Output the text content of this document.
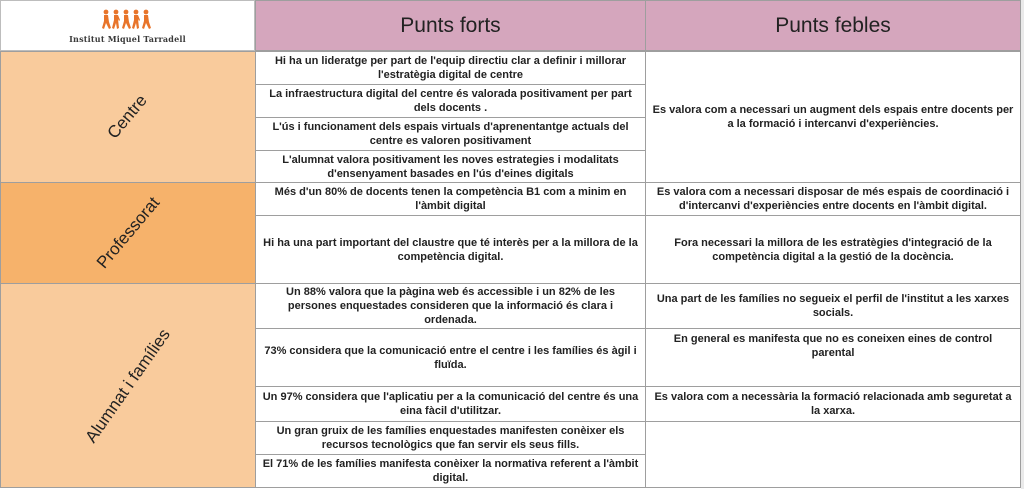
Institut Miquel Tarradell
Punts forts	Punts febles
Centre
Professorat
Alumnat i famílies
Hi ha un lideratge per part de l'equip directiu clar a definir i millorar l'estratègia digital de centre
La infraestructura digital del centre és valorada positivament per part dels docents .
L'ús i funcionament dels espais virtuals d'aprenentantge actuals del centre es valoren positivament
L'alumnat valora positivament les noves estrategies i modalitats d'ensenyament basades en l'ús d'eines digitals
Més d'un 80% de docents tenen la competència B1 com a minim en l'àmbit digital
Hi ha una part important del claustre que té interès per a la millora de la competència digital.
Un 88% valora que la pàgina web és accessible i un 82% de les persones enquestades consideren que la informació és clara i ordenada.
73% considera que la comunicació entre el centre i les famílies és àgil i fluïda.
Un 97% considera que l'aplicatiu per a la comunicació del centre és una eina fàcil d'utilitzar.
Un gran gruix de les famílies enquestades manifesten conèixer els recursos tecnològics que fan servir els seus fills.
El 71% de les famílies manifesta conèixer la normativa referent a l'àmbit digital.
Es valora com a necessari un augment dels espais entre docents per a la formació i intercanvi d'experiències.
Es valora com a necessari disposar de més espais de coordinació i d'intercanvi d'experiències entre docents en l'àmbit digital.
Fora necessari la millora de les estratègies d'integració de la competència digital a la gestió de la docència.
Una part de les famílies no segueix el perfil de l'institut a les xarxes socials.
En general es manifesta que no es coneixen eines de control parental
Es valora com a necessària la formació relacionada amb seguretat a la xarxa.
